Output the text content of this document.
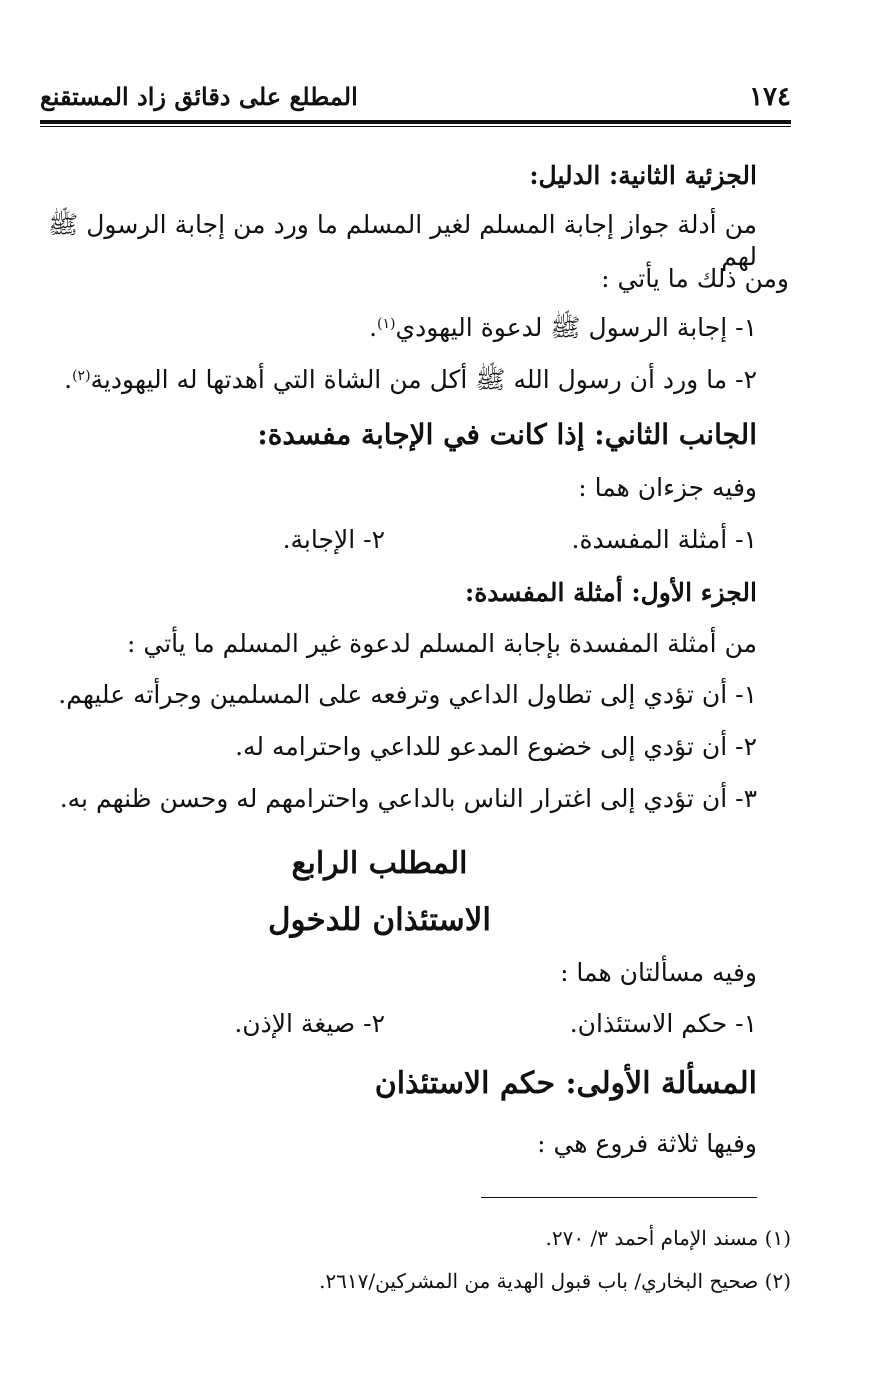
١٧٤
المطلع على دقائق زاد المستقنع
الجزئية الثانية: الدليل:
من أدلة جواز إجابة المسلم لغير المسلم ما ورد من إجابة الرسول ﷺ لهم
ومن ذلك ما يأتي :
١- إجابة الرسول ﷺ لدعوة اليهودي$^{(١)}$.
٢- ما ورد أن رسول الله ﷺ أكل من الشاة التي أهدتها له اليهودية$^{(٢)}$.
الجانب الثاني: إذا كانت في الإجابة مفسدة:
وفيه جزءان هما :
١- أمثلة المفسدة.
٢- الإجابة.
الجزء الأول: أمثلة المفسدة:
من أمثلة المفسدة بإجابة المسلم لدعوة غير المسلم ما يأتي :
١- أن تؤدي إلى تطاول الداعي وترفعه على المسلمين وجرأته عليهم.
٢- أن تؤدي إلى خضوع المدعو للداعي واحترامه له.
٣- أن تؤدي إلى اغترار الناس بالداعي واحترامهم له وحسن ظنهم به.
المطلب الرابع
الاستئذان للدخول
وفيه مسألتان هما :
١- حكم الاستئذان.
٢- صيغة الإذن.
المسألة الأولى: حكم الاستئذان
وفيها ثلاثة فروع هي :
(١) مسند الإمام أحمد ٣/ ٢٧٠.
(٢) صحيح البخاري/ باب قبول الهدية من المشركين/٢٦١٧.
